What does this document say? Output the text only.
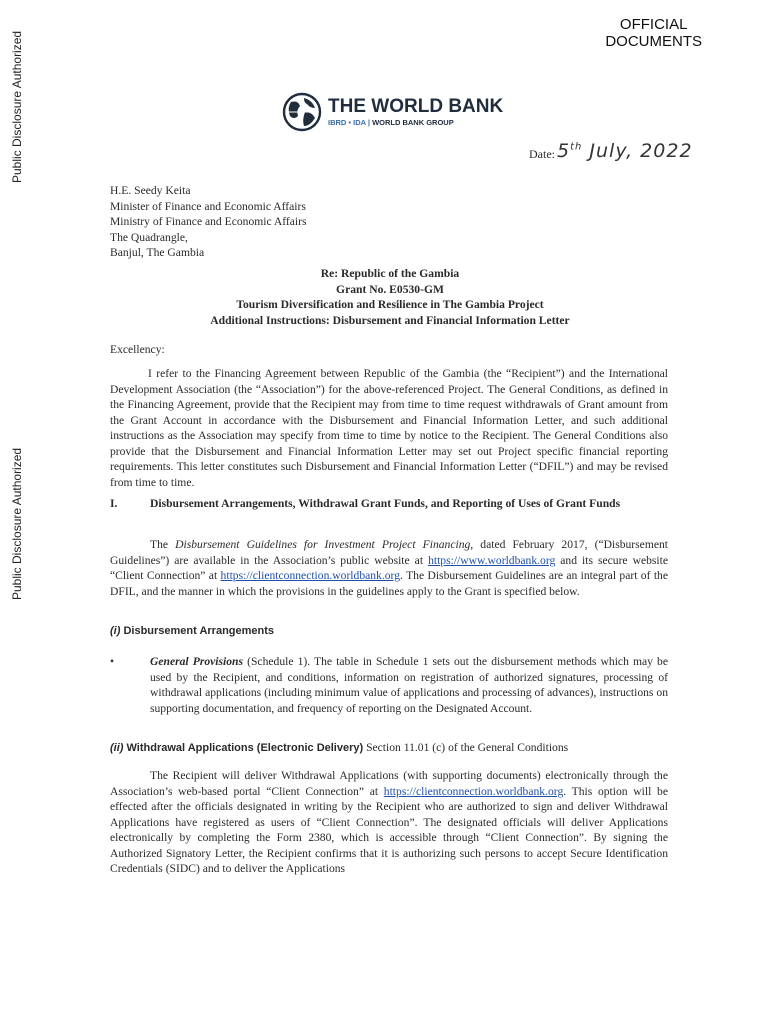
Public Disclosure Authorized
Public Disclosure Authorized
OFFICIAL
DOCUMENTS
THE WORLD BANK
IBRD • IDA | WORLD BANK GROUP
Date: 5th July, 2022
H.E. Seedy Keita
Minister of Finance and Economic Affairs
Ministry of Finance and Economic Affairs
The Quadrangle,
Banjul, The Gambia
Re: Republic of the Gambia
Grant No. E0530-GM
Tourism Diversification and Resilience in The Gambia Project
Additional Instructions: Disbursement and Financial Information Letter
Excellency:
I refer to the Financing Agreement between Republic of the Gambia (the “Recipient”) and the International Development Association (the “Association”) for the above-referenced Project. The General Conditions, as defined in the Financing Agreement, provide that the Recipient may from time to time request withdrawals of Grant amount from the Grant Account in accordance with the Disbursement and Financial Information Letter, and such additional instructions as the Association may specify from time to time by notice to the Recipient. The General Conditions also provide that the Disbursement and Financial Information Letter may set out Project specific financial reporting requirements. This letter constitutes such Disbursement and Financial Information Letter (“DFIL”) and may be revised from time to time.
I.	Disbursement Arrangements, Withdrawal Grant Funds, and Reporting of Uses of Grant Funds
The Disbursement Guidelines for Investment Project Financing, dated February 2017, (“Disbursement Guidelines”) are available in the Association’s public website at https://www.worldbank.org and its secure website “Client Connection” at https://clientconnection.worldbank.org. The Disbursement Guidelines are an integral part of the DFIL, and the manner in which the provisions in the guidelines apply to the Grant is specified below.
(i) Disbursement Arrangements
•	General Provisions (Schedule 1). The table in Schedule 1 sets out the disbursement methods which may be used by the Recipient, and conditions, information on registration of authorized signatures, processing of withdrawal applications (including minimum value of applications and processing of advances), instructions on supporting documentation, and frequency of reporting on the Designated Account.
(ii) Withdrawal Applications (Electronic Delivery) Section 11.01 (c) of the General Conditions
The Recipient will deliver Withdrawal Applications (with supporting documents) electronically through the Association’s web-based portal “Client Connection” at https://clientconnection.worldbank.org. This option will be effected after the officials designated in writing by the Recipient who are authorized to sign and deliver Withdrawal Applications have registered as users of “Client Connection”. The designated officials will deliver Applications electronically by completing the Form 2380, which is accessible through “Client Connection”. By signing the Authorized Signatory Letter, the Recipient confirms that it is authorizing such persons to accept Secure Identification Credentials (SIDC) and to deliver the Applications
